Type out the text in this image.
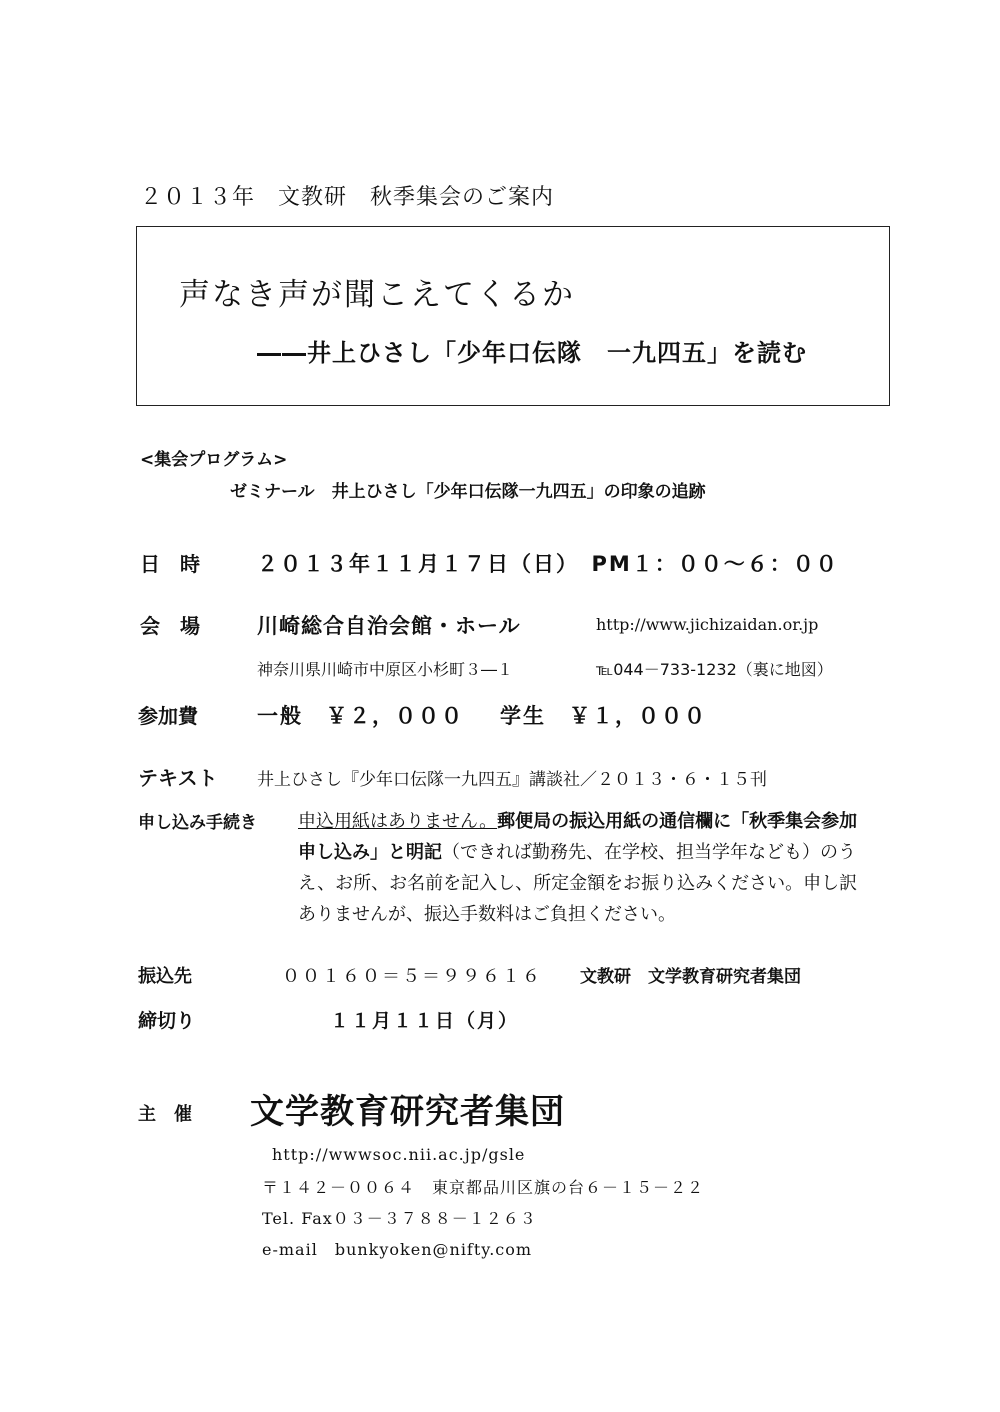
２０１３年　文教研　秋季集会のご案内
声なき声が聞こえてくるか
――井上ひさし「少年口伝隊　一九四五」を読む
<集会プログラム>
ゼミナール　井上ひさし「少年口伝隊一九四五」の印象の追跡
日　時	２０１３年１１月１７日（日）　PM１：００～６：００
会　場	川崎総合自治会館・ホール	http://www.jichizaidan.or.jp
神奈川県川崎市中原区小杉町３―１	℡044－733-1232（裏に地図）
参加費	一般　￥２，０００ 学生　￥１，０００
テキスト 井上ひさし『少年口伝隊一九四五』講談社／２０１３・６・１５刊
申し込み手続き 申込用紙はありません。郵便局の振込用紙の通信欄に「秋季集会参加申し込み」と明記（できれば勤務先、在学校、担当学年なども）のうえ、お所、お名前を記入し、所定金額をお振り込みください。申し訳ありませんが、振込手数料はご負担ください。
振込先	００１６０＝５＝９９６１６ 文教研　文学教育研究者集団
締切り	１１月１１日（月）
主　催 文学教育研究者集団
http://wwwsoc.nii.ac.jp/gsle
〒１４２－００６４　東京都品川区旗の台６－１５－２２
Tel. Fax０３－３７８８－１２６３
e-mail　bunkyoken@nifty.com
